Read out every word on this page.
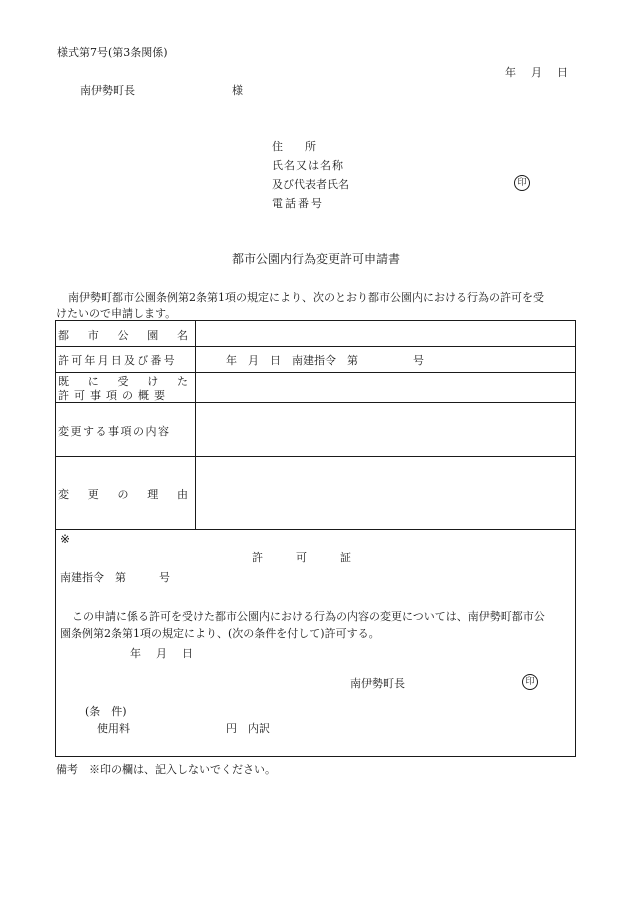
様式第7号(第3条関係)
年　月　日
南伊勢町長	様
住　　所
氏名又は名称
及び代表者氏名	印
電話番号
都市公園内行為変更許可申請書
南伊勢町都市公園条例第2条第1項の規定により、次のとおり都市公園内における行為の許可を受
けたいので申請します。
都 市 公 園 名
許可年月日及び番号	年　月　日　南建指令　第　　　　　号
既 に 受 け た
許可事項の概要
変更する事項の内容
変 更 の 理 由
※
許　　　可　　　証
南建指令　第　　　号
この申請に係る許可を受けた都市公園内における行為の内容の変更については、南伊勢町都市公
園条例第2条第1項の規定により、(次の条件を付して)許可する。
年　月　日
南伊勢町長	印
(条　件)
使用料	円　内訳
備考　※印の欄は、記入しないでください。
